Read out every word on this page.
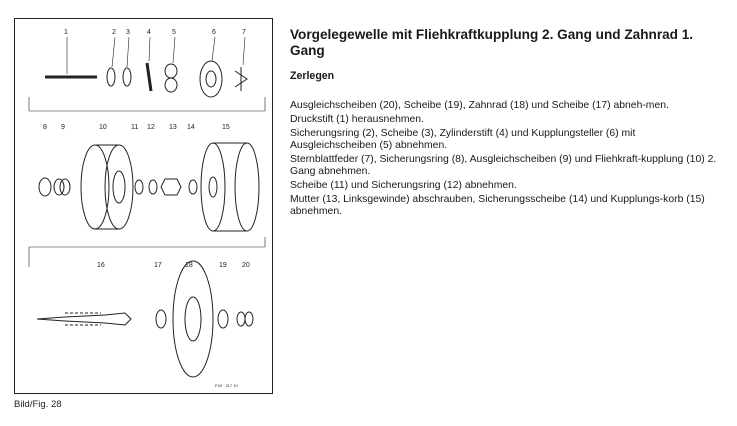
1	2 3 4	5	6	7
8 9	10	11 12 13 14	15
16	17	18	19 20
F43 · 217 10
Bild/Fig. 28
Vorgelegewelle mit Fliehkraftkupplung 2. Gang und Zahnrad 1. Gang
Zerlegen
Ausgleichscheiben (20), Scheibe (19), Zahnrad (18) und Scheibe (17) abneh-men.
Druckstift (1) herausnehmen.
Sicherungsring (2), Scheibe (3), Zylinderstift (4) und Kupplungsteller (6) mit Ausgleichscheiben (5) abnehmen.
Sternblattfeder (7), Sicherungsring (8), Ausgleichscheiben (9) und Fliehkraft-kupplung (10) 2. Gang abnehmen.
Scheibe (11) und Sicherungsring (12) abnehmen.
Mutter (13, Linksgewinde) abschrauben, Sicherungsscheibe (14) und Kupplungs-korb (15) abnehmen.
